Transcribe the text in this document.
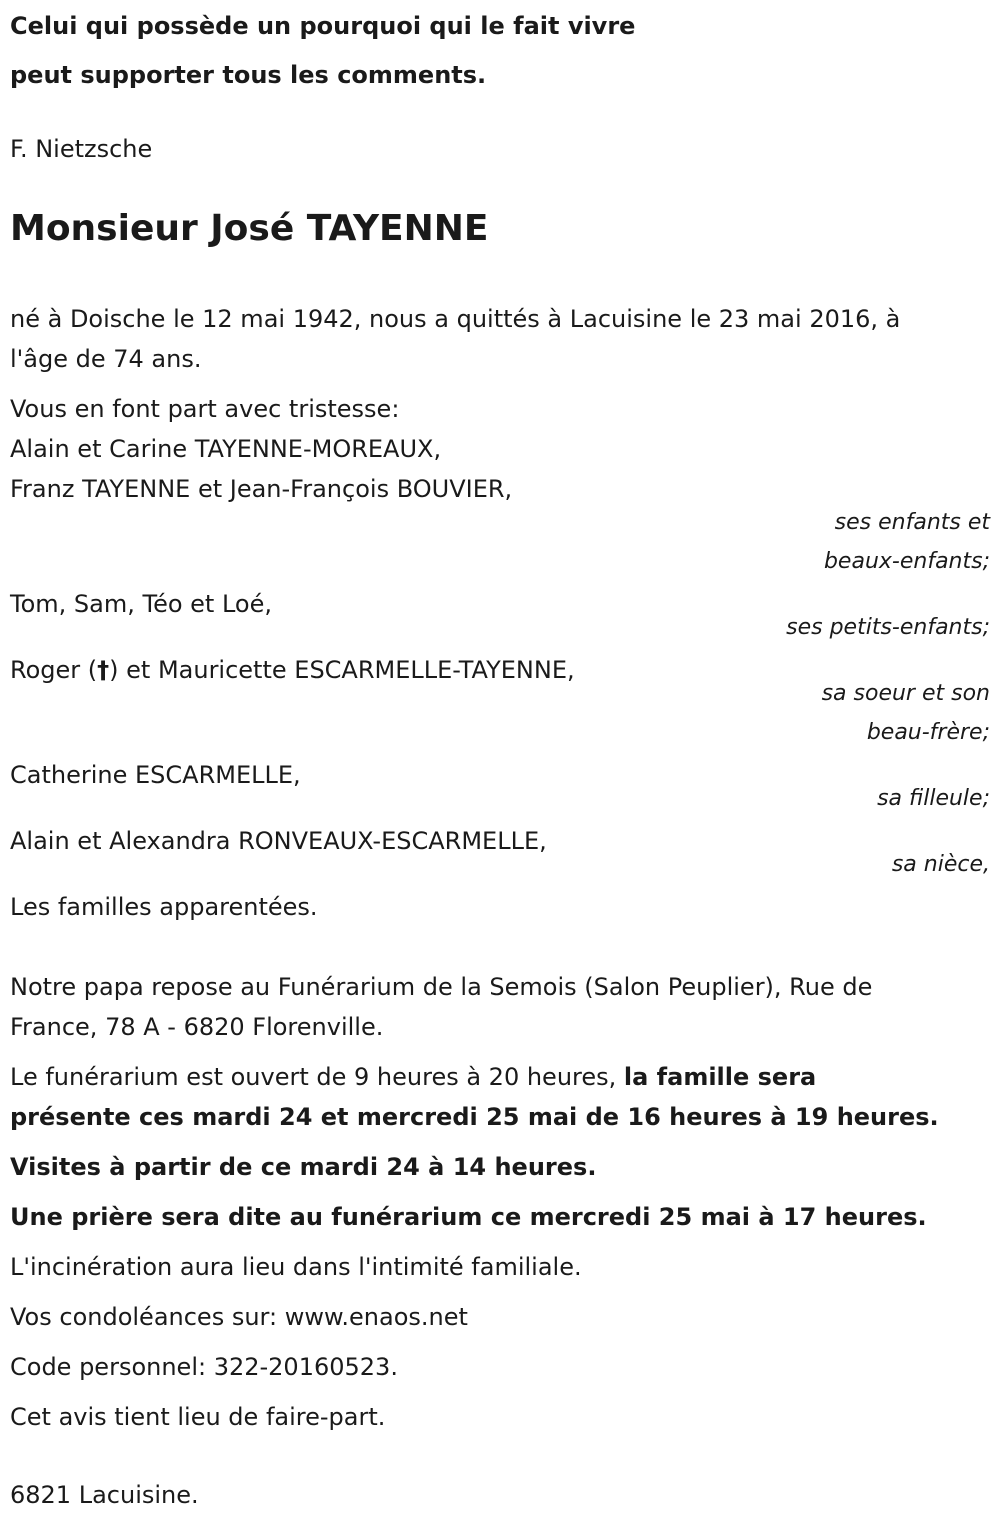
Celui qui possède un pourquoi qui le fait vivre
peut supporter tous les comments.
F. Nietzsche
Monsieur José TAYENNE
né à Doische le 12 mai 1942, nous a quittés à Lacuisine le 23 mai 2016, à
l'âge de 74 ans.
Vous en font part avec tristesse:
Alain et Carine TAYENNE-MOREAUX,
Franz TAYENNE et Jean-François BOUVIER,
ses enfants et
beaux-enfants;
Tom, Sam, Téo et Loé,
ses petits-enfants;
Roger (†) et Mauricette ESCARMELLE-TAYENNE,
sa soeur et son
beau-frère;
Catherine ESCARMELLE,
sa filleule;
Alain et Alexandra RONVEAUX-ESCARMELLE,
sa nièce,
Les familles apparentées.
Notre papa repose au Funérarium de la Semois (Salon Peuplier), Rue de
France, 78 A - 6820 Florenville.
Le funérarium est ouvert de 9 heures à 20 heures, la famille sera
présente ces mardi 24 et mercredi 25 mai de 16 heures à 19 heures.
Visites à partir de ce mardi 24 à 14 heures.
Une prière sera dite au funérarium ce mercredi 25 mai à 17 heures.
L'incinération aura lieu dans l'intimité familiale.
Vos condoléances sur: www.enaos.net
Code personnel: 322-20160523.
Cet avis tient lieu de faire-part.
6821 Lacuisine.
